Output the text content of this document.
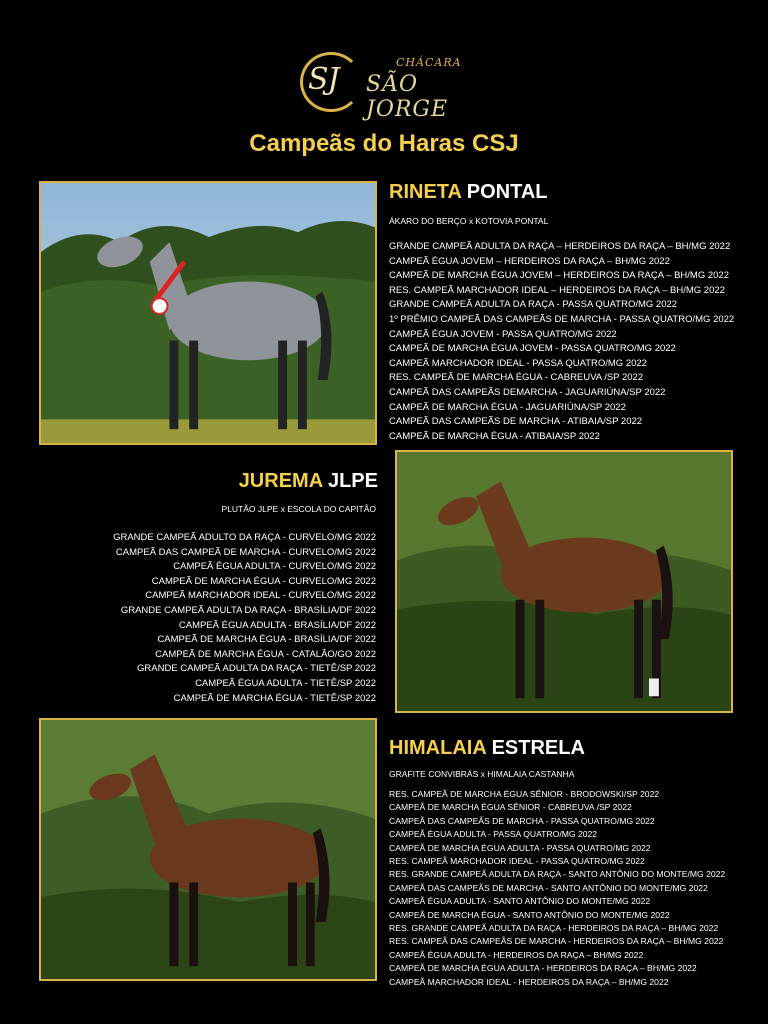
SJ	CHÁCARA
SÃO JORGE
Campeãs do Haras CSJ
RINETA PONTAL
ÁKARO DO BERÇO x KOTOVIA PONTAL
GRANDE CAMPEÃ ADULTA DA RAÇA – HERDEIROS DA RAÇA – BH/MG 2022
CAMPEÃ ÉGUA JOVEM – HERDEIROS DA RAÇA – BH/MG 2022
CAMPEÃ DE MARCHA ÉGUA JOVEM – HERDEIROS DA RAÇA – BH/MG 2022
RES. CAMPEÃ MARCHADOR IDEAL – HERDEIROS DA RAÇA – BH/MG 2022
GRANDE CAMPEÃ ADULTA DA RAÇA - PASSA QUATRO/MG 2022
1º PRÊMIO CAMPEÃ DAS CAMPEÃS DE MARCHA - PASSA QUATRO/MG 2022
CAMPEÃ ÉGUA JOVEM - PASSA QUATRO/MG 2022
CAMPEÃ DE MARCHA ÉGUA JOVEM - PASSA QUATRO/MG 2022
CAMPEÃ MARCHADOR IDEAL - PASSA QUATRO/MG 2022
RES. CAMPEÃ DE MARCHA ÉGUA - CABREUVA /SP 2022
CAMPEÃ DAS CAMPEÃS DEMARCHA - JAGUARIÚNA/SP 2022
CAMPEÃ DE MARCHA ÉGUA - JAGUARIÚNA/SP 2022
CAMPEÃ DAS CAMPEÃS DE MARCHA - ATIBAIA/SP 2022
CAMPEÃ DE MARCHA ÉGUA - ATIBAIA/SP 2022
JUREMA JLPE
PLUTÃO JLPE x ESCOLA DO CAPITÃO
GRANDE CAMPEÃ ADULTO DA RAÇA - CURVELO/MG 2022
CAMPEÃ DAS CAMPEÃ DE MARCHA - CURVELO/MG 2022
CAMPEÃ ÉGUA ADULTA - CURVELO/MG 2022
CAMPEÃ DE MARCHA ÉGUA - CURVELO/MG 2022
CAMPEÃ MARCHADOR IDEAL - CURVELO/MG 2022
GRANDE CAMPEÃ ADULTA DA RAÇA - BRASÍLIA/DF 2022
CAMPEÃ ÉGUA ADULTA - BRASÍLIA/DF 2022
CAMPEÃ DE MARCHA ÉGUA - BRASÍLIA/DF 2022
CAMPEÃ DE MARCHA ÉGUA - CATALÃO/GO 2022
GRANDE CAMPEÃ ADULTA DA RAÇA - TIETÊ/SP 2022
CAMPEÃ ÉGUA ADULTA - TIETÊ/SP 2022
CAMPEÃ DE MARCHA ÉGUA - TIETÊ/SP 2022
HIMALAIA ESTRELA
GRAFITE CONVIBRÁS x HIMALAIA CASTANHA
RES. CAMPEÃ DE MARCHA ÉGUA SÊNIOR - BRODOWSKI/SP 2022
CAMPEÃ DE MARCHA ÉGUA SÊNIOR - CABREUVA /SP 2022
CAMPEÃ DAS CAMPEÃS DE MARCHA - PASSA QUATRO/MG 2022
CAMPEÃ ÉGUA ADULTA - PASSA QUATRO/MG 2022
CAMPEÃ DE MARCHA ÉGUA ADULTA - PASSA QUATRO/MG 2022
RES. CAMPEÃ MARCHADOR IDEAL - PASSA QUATRO/MG 2022
RES. GRANDE CAMPEÃ ADULTA DA RAÇA - SANTO ANTÔNIO DO MONTE/MG 2022
CAMPEÃ DAS CAMPEÃS DE MARCHA - SANTO ANTÔNIO DO MONTE/MG 2022
CAMPEÃ ÉGUA ADULTA - SANTO ANTÔNIO DO MONTE/MG 2022
CAMPEÃ DE MARCHA ÉGUA - SANTO ANTÔNIO DO MONTE/MG 2022
RES. GRANDE CAMPEÃ ADULTA DA RAÇA - HERDEIROS DA RAÇA – BH/MG 2022
RES. CAMPEÃ DAS CAMPEÃS DE MARCHA - HERDEIROS DA RAÇA – BH/MG 2022
CAMPEÃ ÉGUA ADULTA - HERDEIROS DA RAÇA – BH/MG 2022
CAMPEÃ DE MARCHA ÉGUA ADULTA - HERDEIROS DA RAÇA – BH/MG 2022
CAMPEÃ MARCHADOR IDEAL - HERDEIROS DA RAÇA – BH/MG 2022
